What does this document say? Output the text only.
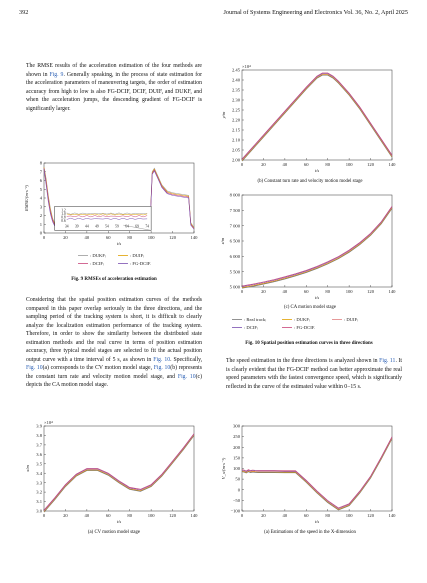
392	Journal of Systems Engineering and Electronics Vol. 36, No. 2, April 2025
The RMSE results of the acceleration estimation of the four methods are shown in Fig. 9. Generally speaking, in the process of state estimation for the acceleration parameters of maneuvering targets, the order of estimation accuracy from high to low is also FG-DCIF, DCIF, DUIF, and DUKF, and when the acceleration jumps, the descending gradient of FG-DCIF is significantly larger.
0	20	40	60	80	100	120	140
0
1
2
3
4
5
6
7
8
t/s
RMSE/(m·s⁻²)
0.6
0.8
1.0
1.2
34 39 44 49 54 59 64 69 74
: DUKF;	: DUIF;
: DCIF;	: FG-DCIF.
Fig. 9 RMSEs of acceleration estimation
Considering that the spatial position estimation curves of the methods compared in this paper overlap seriously in the three directions, and the sampling period of the tracking system is short, it is difficult to clearly analyze the localization estimation performance of the tracking system. Therefore, in order to show the similarity between the distributed state estimation methods and the real curve in terms of position estimation accuracy, three typical model stages are selected to fit the actual position output curve with a time interval of 5 s, as shown in Fig. 10. Specifically, Fig. 10(a) corresponds to the CV motion model stage, Fig. 10(b) represents the constant turn rate and velocity motion model stage, and Fig. 10(c) depicts the CA motion model stage.
0	20	40	60	80	100	120	140
3.0
3.1
3.2
3.3
3.4
3.5
3.6
3.7
3.8
3.9
t/s
x/m
×10⁴
(a) CV motion model stage
0	20	40	60	80	100	120	140
2.00
2.05
2.10
2.15
2.20
2.25
2.30
2.35
2.40
2.45
t/s
y/m
×10⁴
(b) Constant turn rate and velocity motion model stage
0	20	40	60	80	100	120	140
5 000
5 500
6 000
6 500
7 000
7 500
8 000
t/s
z/m
(c) CA motion model stage
: Real track;	: DUKF;	: DUIF;
: DCIF;	: FG-DCIF.
Fig. 10 Spatial position estimation curves in three directions
The speed estimation in the three directions is analyzed shown in Fig. 11. It is clearly evident that the FG-DCIF method can better approximate the real speed parameters with the fastest convergence speed, which is significantly reflected in the curve of the estimated value within 0−15 s.
0	20	40	60	80	100	120	140
−100
−50
0
50
100
150
200
250
300
t/s
V_x/(m·s⁻¹)
(a) Estimations of the speed in the X-dimension
